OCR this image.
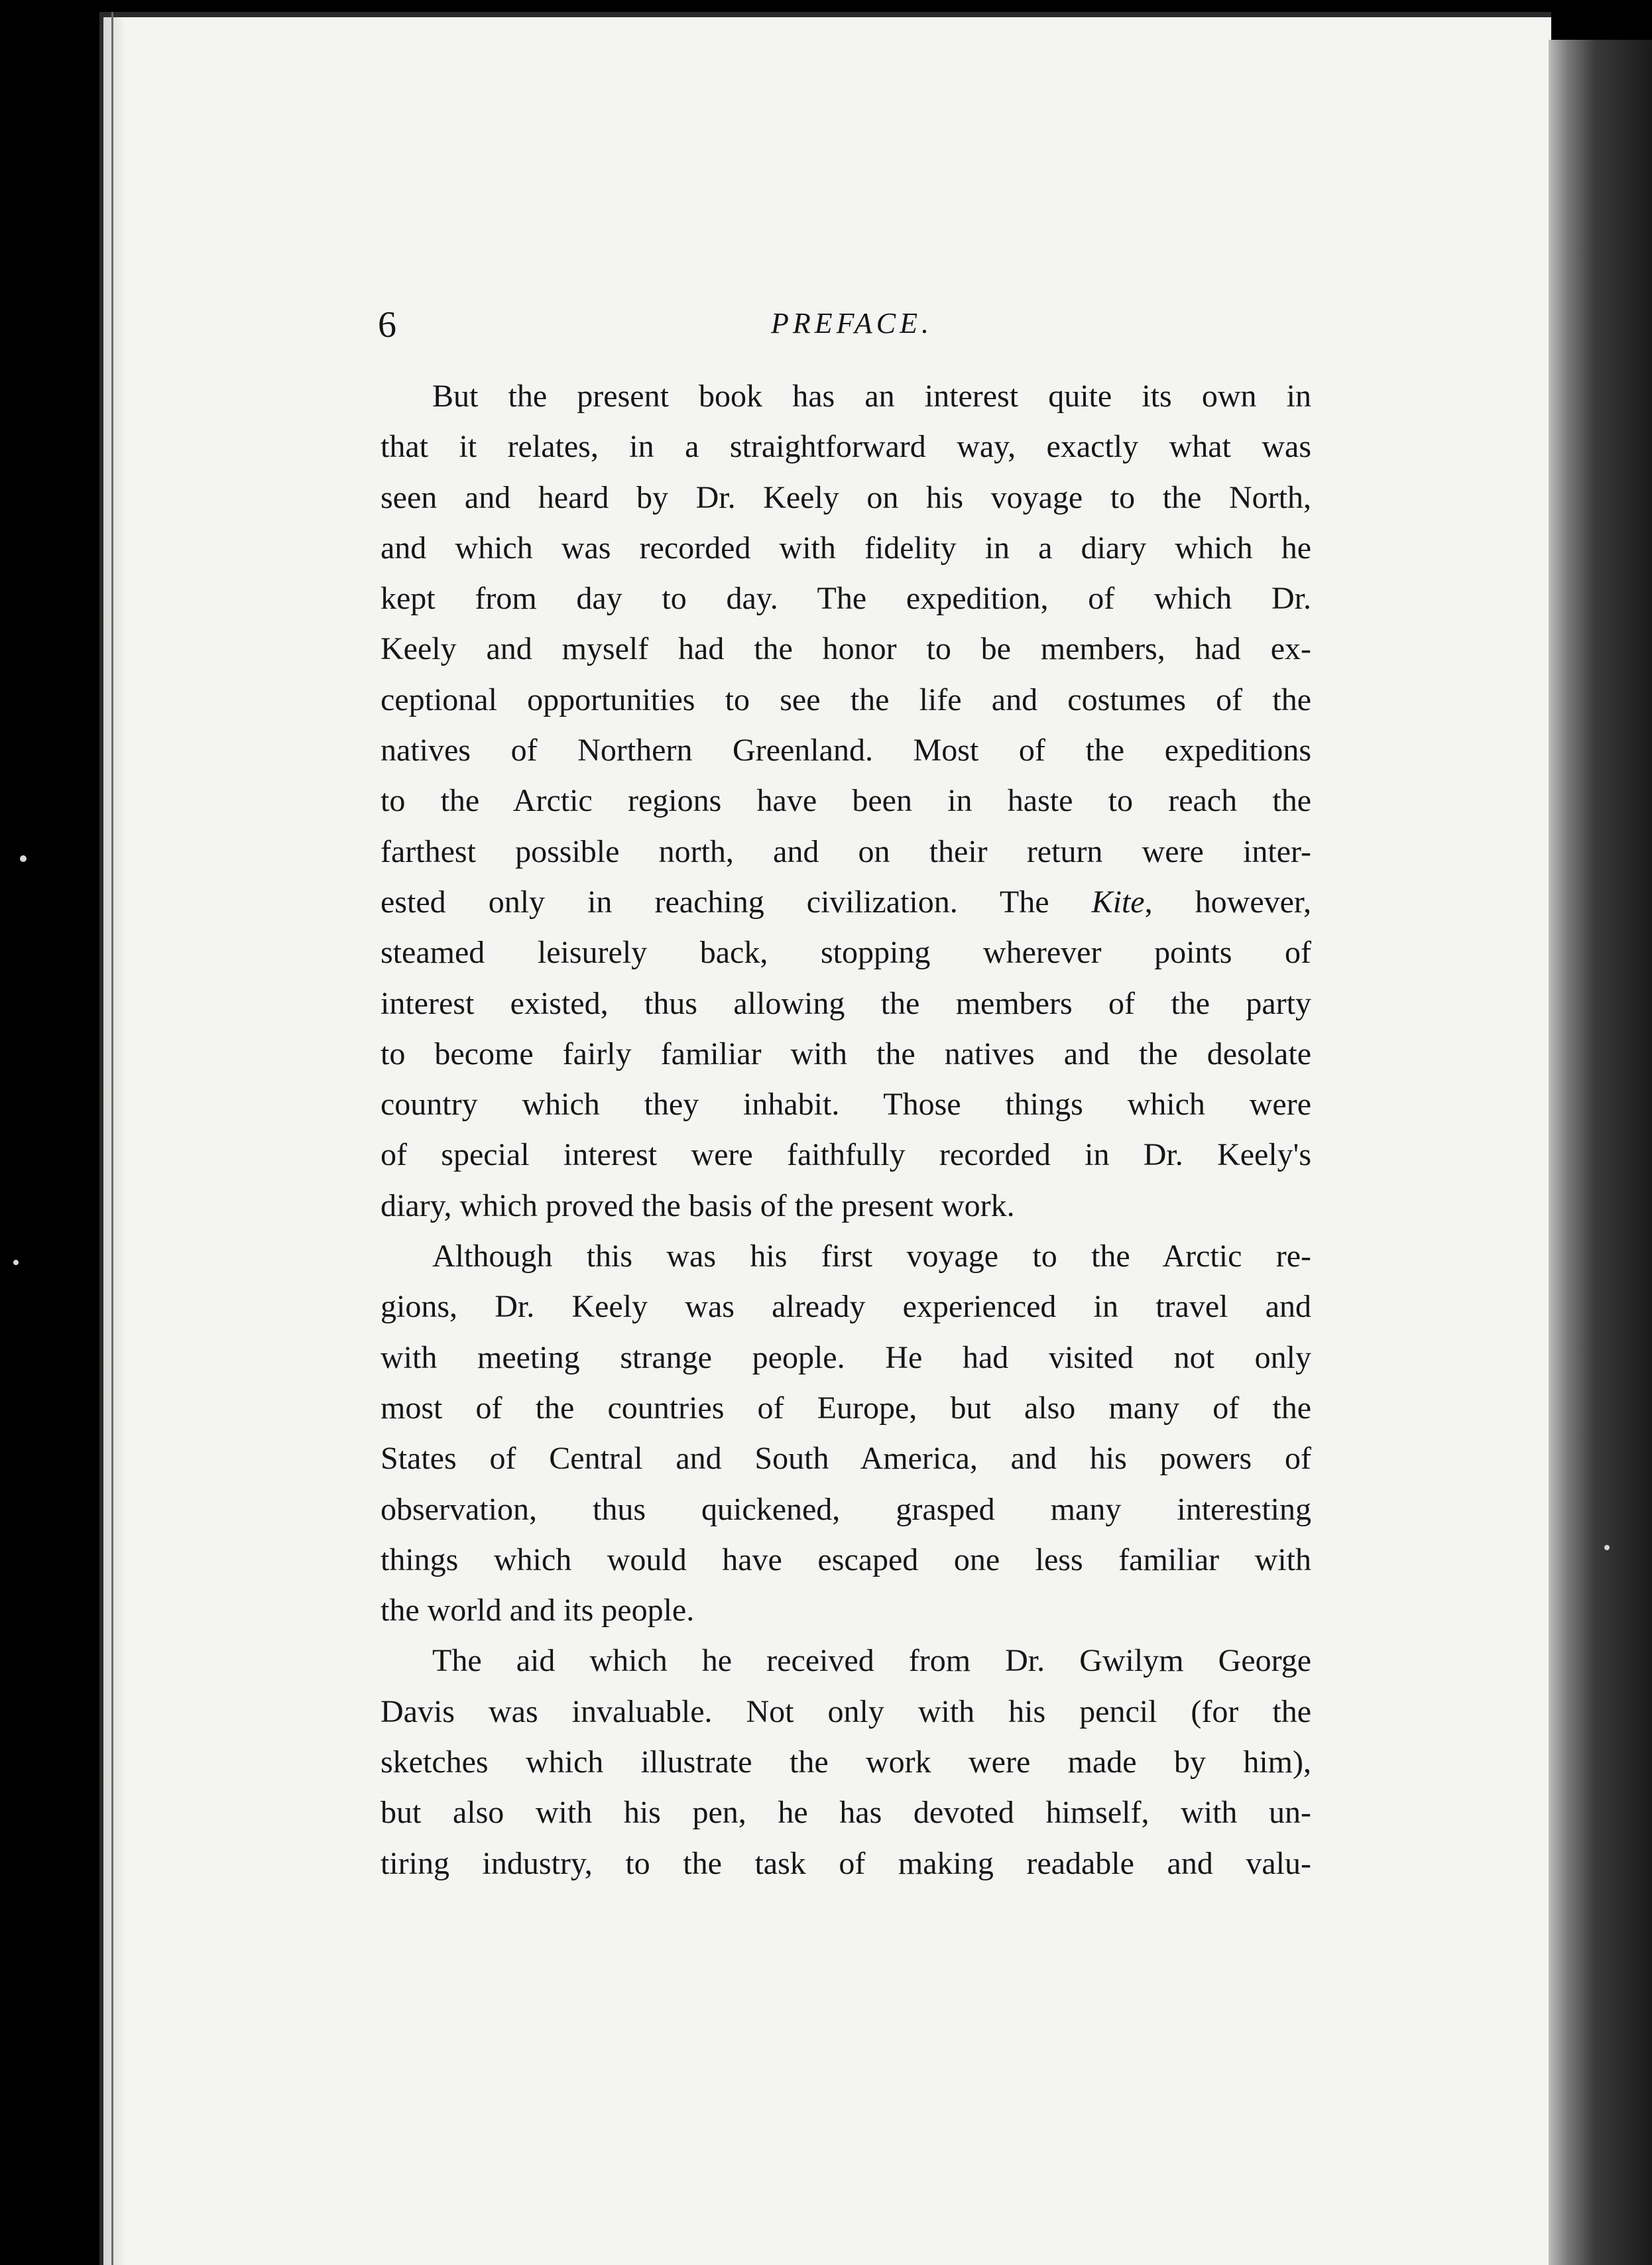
6	PREFACE.
But the present book has an interest quite its own in
that it relates, in a straightforward way, exactly what was
seen and heard by Dr. Keely on his voyage to the North,
and which was recorded with fidelity in a diary which he
kept from day to day. The expedition, of which Dr.
Keely and myself had the honor to be members, had ex-
ceptional opportunities to see the life and costumes of the
natives of Northern Greenland. Most of the expeditions
to the Arctic regions have been in haste to reach the
farthest possible north, and on their return were inter-
ested only in reaching civilization. The Kite, however,
steamed leisurely back, stopping wherever points of
interest existed, thus allowing the members of the party
to become fairly familiar with the natives and the desolate
country which they inhabit. Those things which were
of special interest were faithfully recorded in Dr. Keely's
diary, which proved the basis of the present work.
Although this was his first voyage to the Arctic re-
gions, Dr. Keely was already experienced in travel and
with meeting strange people. He had visited not only
most of the countries of Europe, but also many of the
States of Central and South America, and his powers of
observation, thus quickened, grasped many interesting
things which would have escaped one less familiar with
the world and its people.
The aid which he received from Dr. Gwilym George
Davis was invaluable. Not only with his pencil (for the
sketches which illustrate the work were made by him),
but also with his pen, he has devoted himself, with un-
tiring industry, to the task of making readable and valu-
